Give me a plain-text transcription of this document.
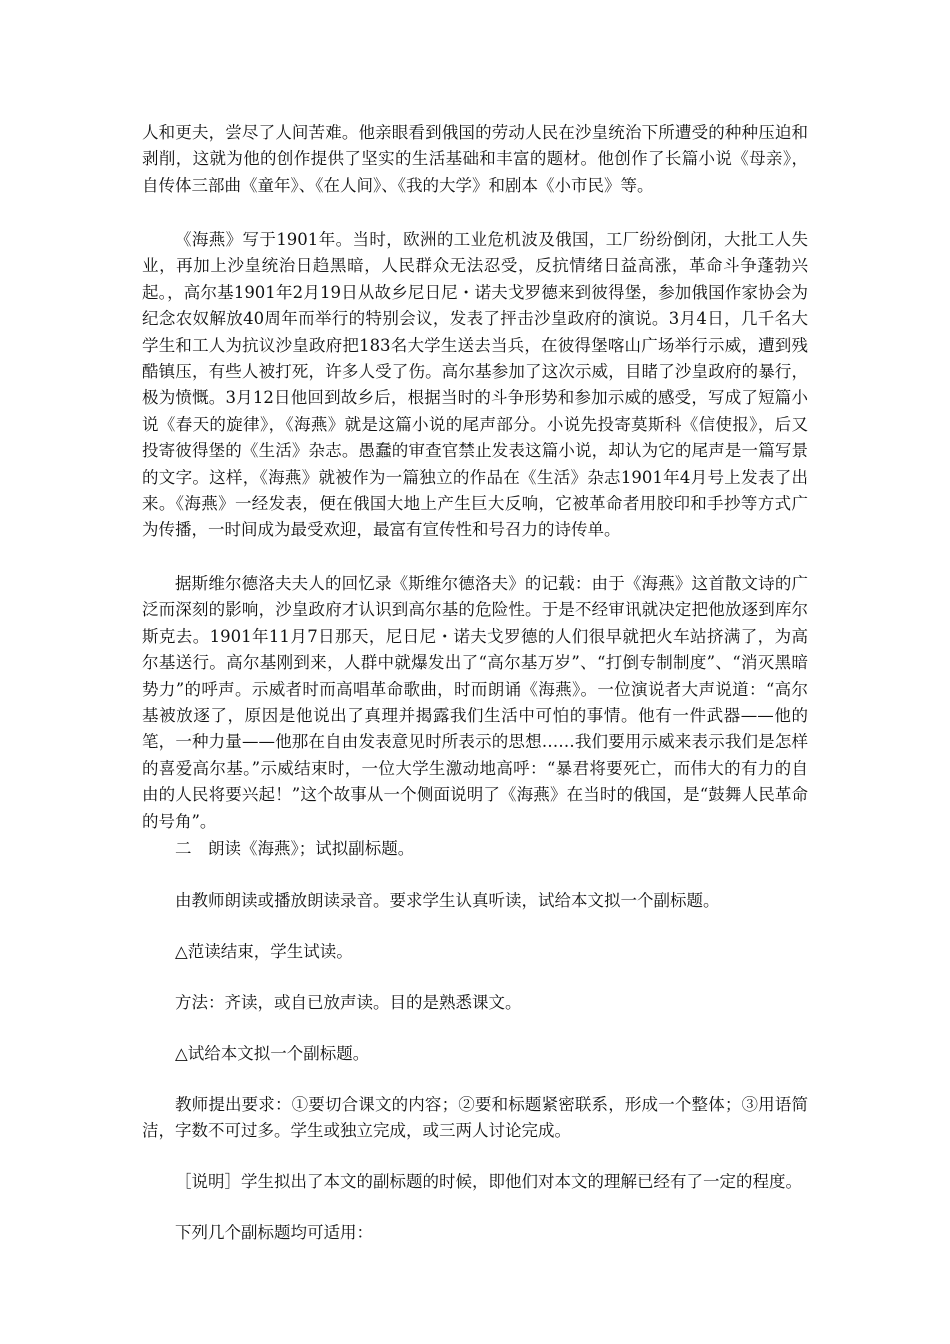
人和更夫，尝尽了人间苦难。他亲眼看到俄国的劳动人民在沙皇统治下所遭受的种种压迫和剥削，这就为他的创作提供了坚实的生活基础和丰富的题材。他创作了长篇小说《母亲》，自传体三部曲《童年》、《在人间》、《我的大学》和剧本《小市民》等。

《海燕》写于1901年。当时，欧洲的工业危机波及俄国，工厂纷纷倒闭，大批工人失业，再加上沙皇统治日趋黑暗，人民群众无法忍受，反抗情绪日益高涨，革命斗争蓬勃兴起。，高尔基1901年2月19日从故乡尼日尼・诺夫戈罗德来到彼得堡，参加俄国作家协会为纪念农奴解放40周年而举行的特别会议，发表了抨击沙皇政府的演说。3月4日，几千名大学生和工人为抗议沙皇政府把183名大学生送去当兵，在彼得堡喀山广场举行示威，遭到残酷镇压，有些人被打死，许多人受了伤。高尔基参加了这次示威，目睹了沙皇政府的暴行，极为愤慨。3月12日他回到故乡后，根据当时的斗争形势和参加示威的感受，写成了短篇小说《春天的旋律》，《海燕》就是这篇小说的尾声部分。小说先投寄莫斯科《信使报》，后又投寄彼得堡的《生活》杂志。愚蠢的审查官禁止发表这篇小说，却认为它的尾声是一篇写景的文字。这样，《海燕》就被作为一篇独立的作品在《生活》杂志1901年4月号上发表了出来。《海燕》一经发表，便在俄国大地上产生巨大反响，它被革命者用胶印和手抄等方式广为传播，一时间成为最受欢迎，最富有宣传性和号召力的诗传单。

据斯维尔德洛夫夫人的回忆录《斯维尔德洛夫》的记载：由于《海燕》这首散文诗的广泛而深刻的影响，沙皇政府才认识到高尔基的危险性。于是不经审讯就决定把他放逐到库尔斯克去。1901年11月7日那天，尼日尼・诺夫戈罗德的人们很早就把火车站挤满了，为高尔基送行。高尔基刚到来，人群中就爆发出了“高尔基万岁”、“打倒专制制度”、“消灭黑暗势力”的呼声。示威者时而高唱革命歌曲，时而朗诵《海燕》。一位演说者大声说道：“高尔基被放逐了，原因是他说出了真理并揭露我们生活中可怕的事情。他有一件武器——他的笔，一种力量——他那在自由发表意见时所表示的思想……我们要用示威来表示我们是怎样的喜爱高尔基。”示威结束时，一位大学生激动地高呼：“暴君将要死亡，而伟大的有力的自由的人民将要兴起！”这个故事从一个侧面说明了《海燕》在当时的俄国，是“鼓舞人民革命的号角”。

二　朗读《海燕》；试拟副标题。

由教师朗读或播放朗读录音。要求学生认真听读，试给本文拟一个副标题。

△范读结束，学生试读。

方法：齐读，或自已放声读。目的是熟悉课文。

△试给本文拟一个副标题。

教师提出要求：①要切合课文的内容；②要和标题紧密联系，形成一个整体；③用语简洁，字数不可过多。学生或独立完成，或三两人讨论完成。

［说明］学生拟出了本文的副标题的时候，即他们对本文的理解已经有了一定的程度。

下列几个副标题均可适用：
